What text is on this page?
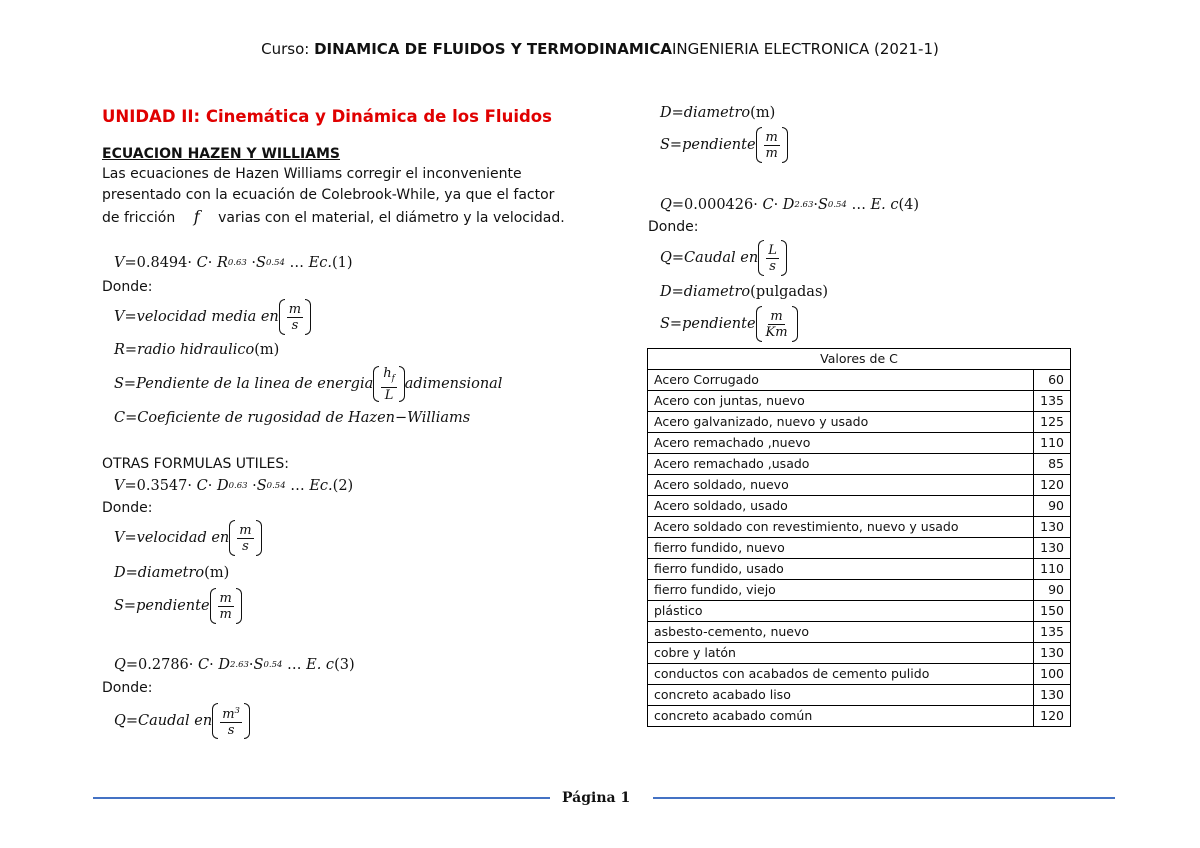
Curso: DINAMICA DE FLUIDOS Y TERMODINAMICAINGENIERIA ELECTRONICA (2021-1)
UNIDAD II: Cinemática y Dinámica de los Fluidos
ECUACION HAZEN Y WILLIAMS
Las ecuaciones de Hazen Williams corregir el inconveniente
presentado con la ecuación de Colebrook-While, ya que el factor
de fricción f varias con el material, el diámetro y la velocidad.
V = 0.8494 · C · R 0.63 · S 0.54 … Ec. (1)
Donde:
V=velocidad media en $\frac{m}{s}$
R=radio hidraulico (m)
S=Pendiente de la linea de energia $\frac{h_f}{L}$ adimensional
C=Coeficiente de rugosidad de Hazen−Williams
OTRAS FORMULAS UTILES:
V = 0.3547 · C · D 0.63 · S 0.54 … Ec. (2)
Donde:
V=velocidad en $\frac{m}{s}$
D=diametro (m)
S=pendiente $\frac{m}{m}$
Q = 0.2786 · C · D 2.63 · S 0.54 … E. c (3)
Donde:
Q=Caudal en $\frac{m^3}{s}$
D=diametro (m)
S=pendiente $\frac{m}{m}$
Q = 0.000426 · C · D 2.63 · S 0.54 … E. c (4)
Donde:
Q=Caudal en $\frac{L}{s}$
D=diametro (pulgadas)
S=pendiente $\frac{m}{Km}$
Valores de C	
Acero Corrugado	60
Acero con juntas, nuevo	135
Acero galvanizado, nuevo y usado	125
Acero remachado ,nuevo	110
Acero remachado ,usado	85
Acero soldado, nuevo	120
Acero soldado, usado	90
Acero soldado con revestimiento, nuevo y usado	130
fierro fundido, nuevo	130
fierro fundido, usado	110
fierro fundido, viejo	90
plástico	150
asbesto-cemento, nuevo	135
cobre y latón	130
conductos con acabados de cemento pulido	100
concreto acabado liso	130
concreto acabado común	120
Página 1
